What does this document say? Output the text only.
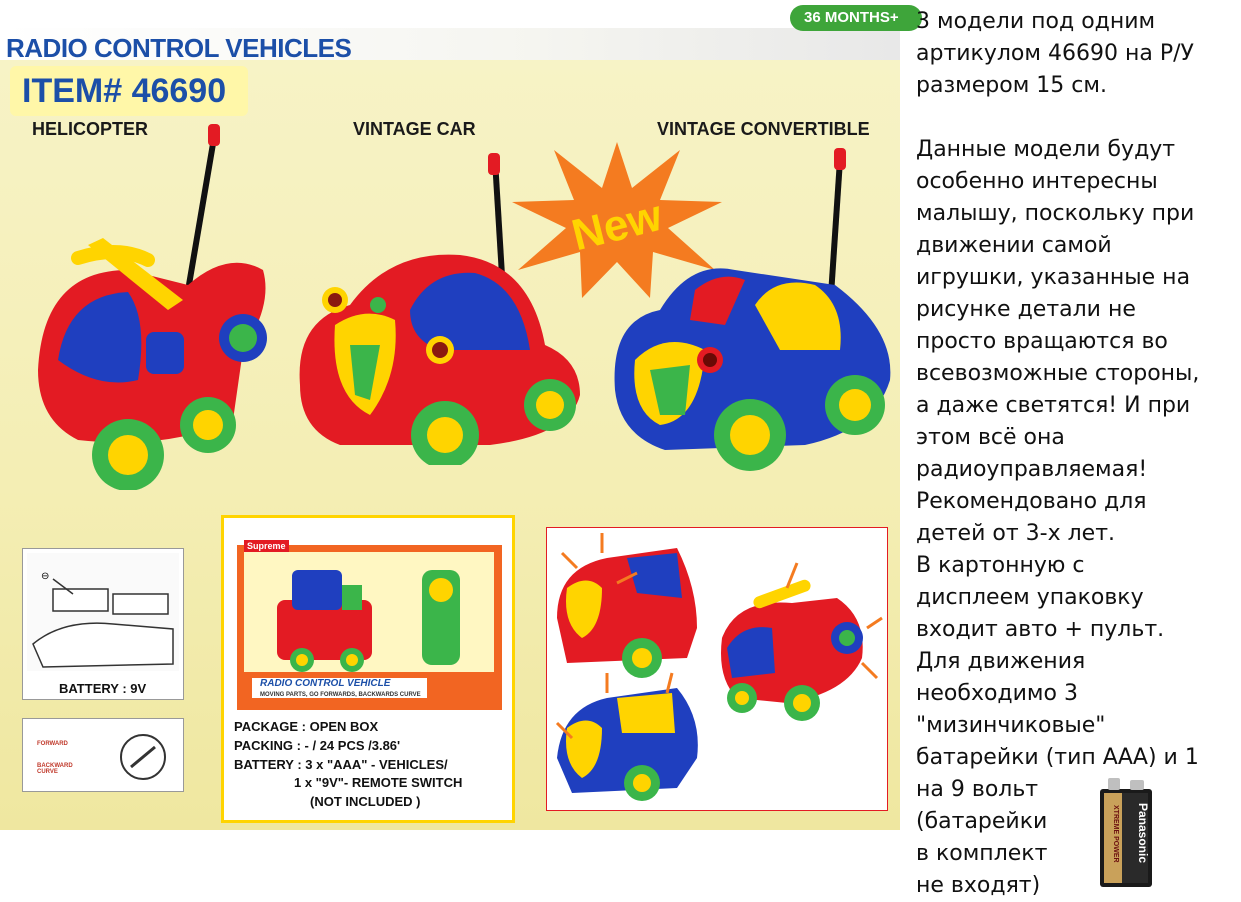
RADIO CONTROL VEHICLES
36 MONTHS+
ITEM# 46690
HELICOPTER	VINTAGE CAR	VINTAGE CONVERTIBLE
New
⊖
BATTERY : 9V
FORWARD
BACKWARD CURVE
Supreme
RADIO CONTROL VEHICLE
MOVING PARTS, GO FORWARDS, BACKWARDS CURVE
PACKAGE : OPEN BOX
PACKING : - / 24 PCS /3.86'
BATTERY : 3 x "AAA" - VEHICLES/
1 x "9V"- REMOTE SWITCH
(NOT INCLUDED )

3 модели под одним

артикулом 46690 на Р/У

размером 15 см.

Данные модели будут

особенно интересны

малышу, поскольку при

движении самой

игрушки, указанные на

рисунке детали не

просто вращаются во

всевозможные стороны,

а даже светятся! И при

этом всё она

радиоуправляемая!

Рекомендовано для

детей от 3-х лет.

В картонную с

дисплеем упаковку

входит авто + пульт.

Для движения

необходимо 3

"мизинчиковые"

батарейки (тип ААА) и 1

на 9 вольт

(батарейки

в комплект

не входят)

Panasonic
XTREME POWER
